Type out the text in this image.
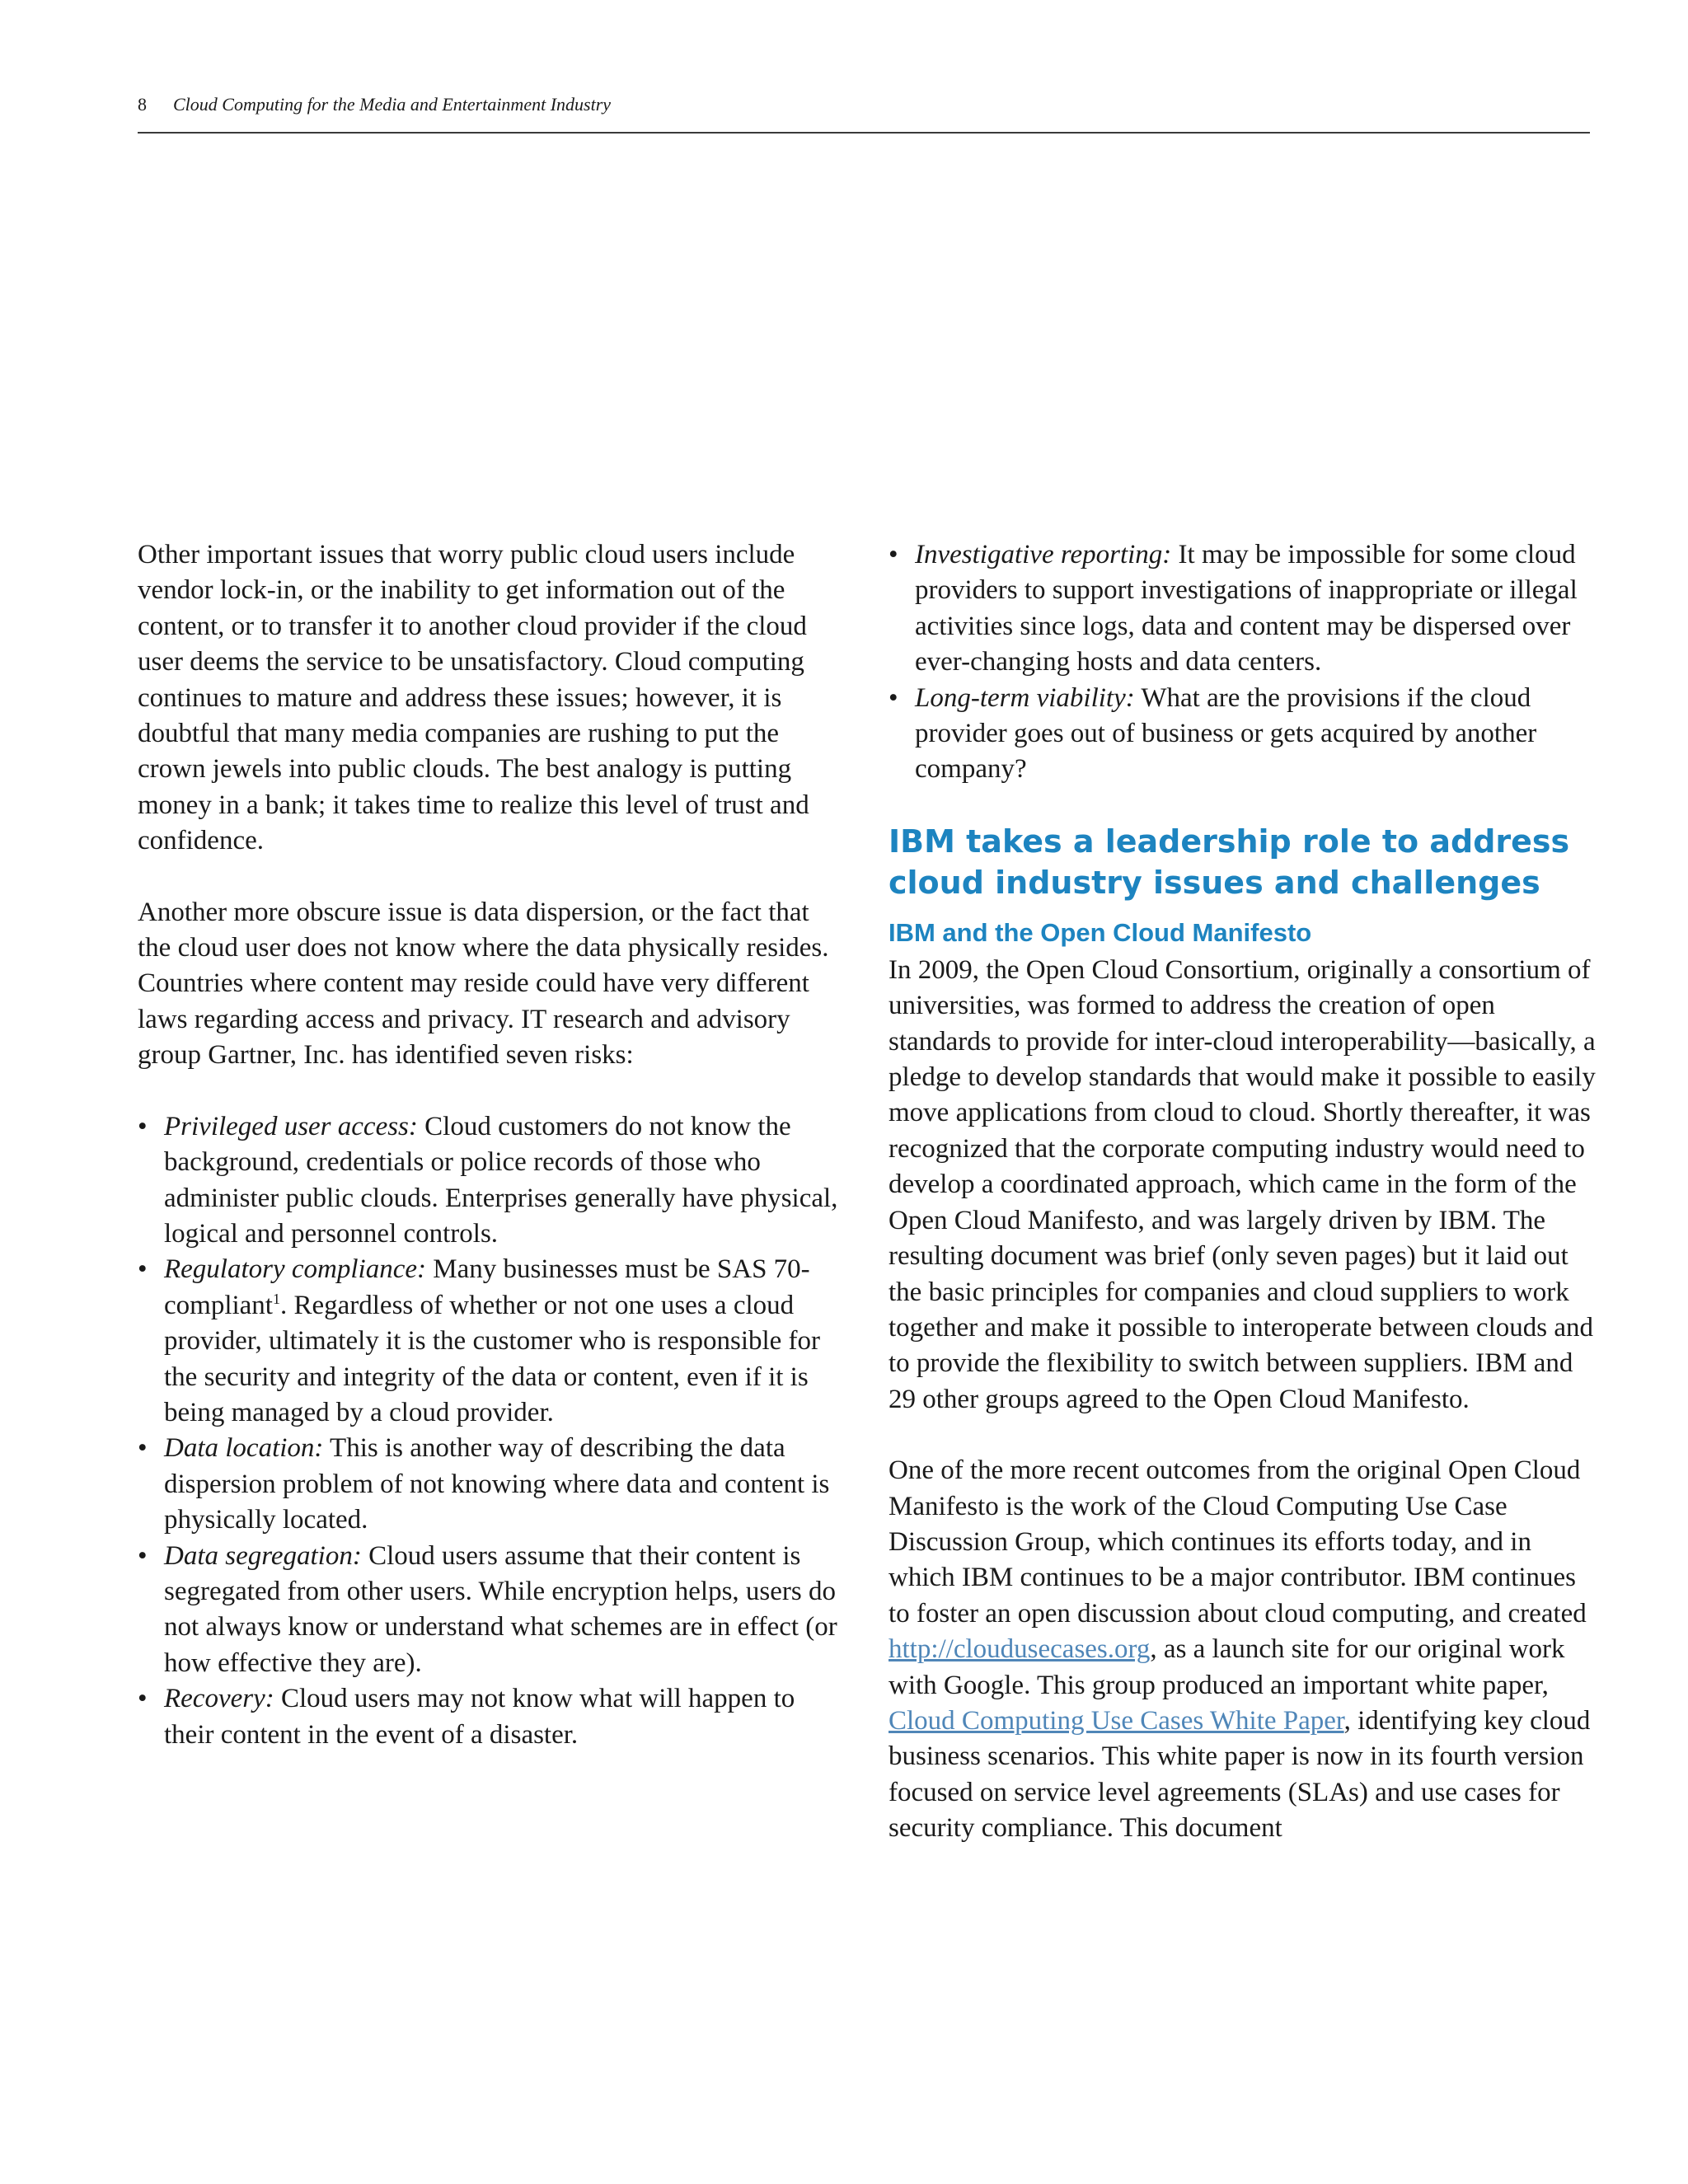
8 Cloud Computing for the Media and Entertainment Industry

Other important issues that worry public cloud users include vendor lock-in, or the inability to get information out of the content, or to transfer it to another cloud provider if the cloud user deems the service to be unsatisfactory. Cloud computing continues to mature and address these issues; however, it is doubtful that many media companies are rushing to put the crown jewels into public clouds. The best analogy is putting money in a bank; it takes time to realize this level of trust and confidence.

Another more obscure issue is data dispersion, or the fact that the cloud user does not know where the data physically resides. Countries where content may reside could have very different laws regarding access and privacy. IT research and advisory group Gartner, Inc. has identified seven risks:

• Privileged user access: Cloud customers do not know the background, credentials or police records of those who administer public clouds. Enterprises generally have physical, logical and personnel controls.
• Regulatory compliance: Many businesses must be SAS 70-compliant$^1$. Regardless of whether or not one uses a cloud provider, ultimately it is the customer who is responsible for the security and integrity of the data or content, even if it is being managed by a cloud provider.
• Data location: This is another way of describing the data dispersion problem of not knowing where data and content is physically located.
• Data segregation: Cloud users assume that their content is segregated from other users. While encryption helps, users do not always know or understand what schemes are in effect (or how effective they are).
• Recovery: Cloud users may not know what will happen to their content in the event of a disaster.
• Investigative reporting: It may be impossible for some cloud providers to support investigations of inappropriate or illegal activities since logs, data and content may be dispersed over ever-changing hosts and data centers.
• Long-term viability: What are the provisions if the cloud provider goes out of business or gets acquired by another company?
IBM takes a leadership role to address cloud industry issues and challenges
IBM and the Open Cloud Manifesto

In 2009, the Open Cloud Consortium, originally a consortium of universities, was formed to address the creation of open standards to provide for inter-cloud interoperability—basically, a pledge to develop standards that would make it possible to easily move applications from cloud to cloud. Shortly thereafter, it was recognized that the corporate computing industry would need to develop a coordinated approach, which came in the form of the Open Cloud Manifesto, and was largely driven by IBM. The resulting document was brief (only seven pages) but it laid out the basic principles for companies and cloud suppliers to work together and make it possible to interoperate between clouds and to provide the flexibility to switch between suppliers. IBM and 29 other groups agreed to the Open Cloud Manifesto.

One of the more recent outcomes from the original Open Cloud Manifesto is the work of the Cloud Computing Use Case Discussion Group, which continues its efforts today, and in which IBM continues to be a major contributor. IBM continues to foster an open discussion about cloud computing, and created http://cloudusecases.org, as a launch site for our original work with Google. This group produced an important white paper, Cloud Computing Use Cases White Paper, identifying key cloud business scenarios. This white paper is now in its fourth version focused on service level agreements (SLAs) and use cases for security compliance. This document
